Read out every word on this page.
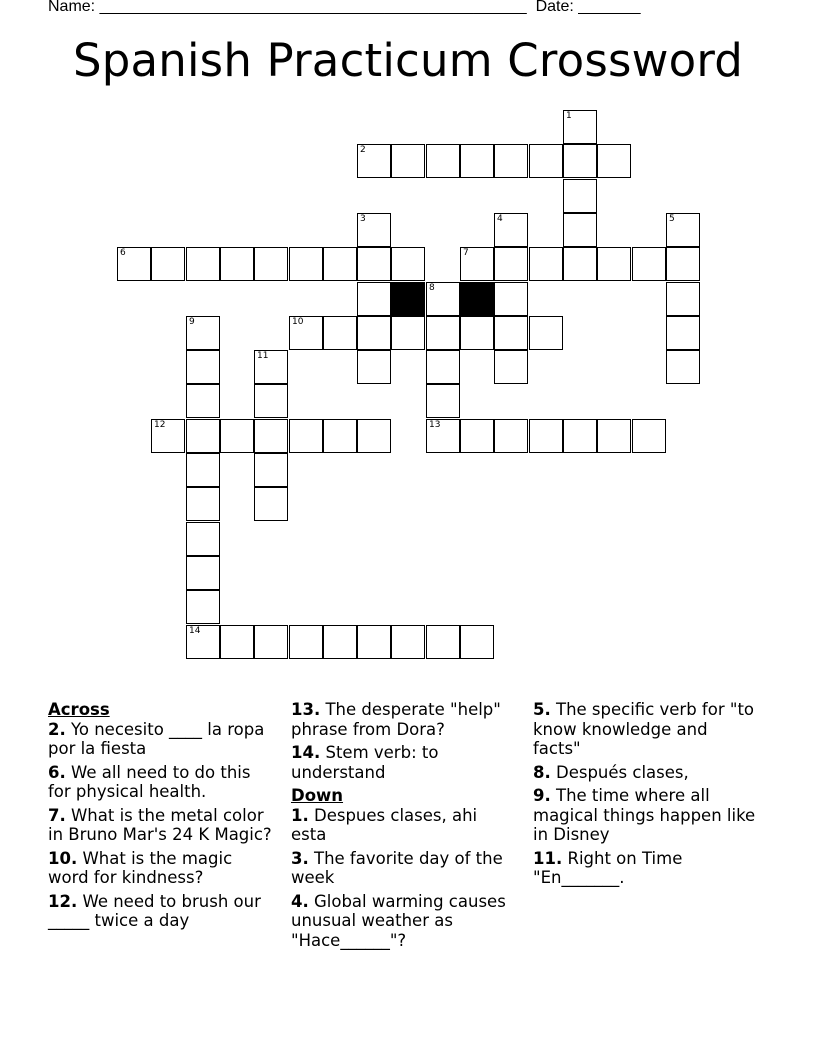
Name: ________________________________________________ Date: _______
Spanish Practicum Crossword
1
2
3	4	5
6	7
8
9
14
10
11
12	13
Across
2. Yo necesito ____ la ropa por la fiesta
6. We all need to do this for physical health.
7. What is the metal color in Bruno Mar's 24 K Magic?
10. What is the magic word for kindness?
12. We need to brush our _____ twice a day
13. The desperate "help" phrase from Dora?
14. Stem verb: to understand
Down
1. Despues clases, ahi esta
3. The favorite day of the week
4. Global warming causes unusual weather as "Hace______"?
5. The specific verb for "to know knowledge and facts"
8. Después clases,
9. The time where all magical things happen like in Disney
11. Right on Time "En_______.
